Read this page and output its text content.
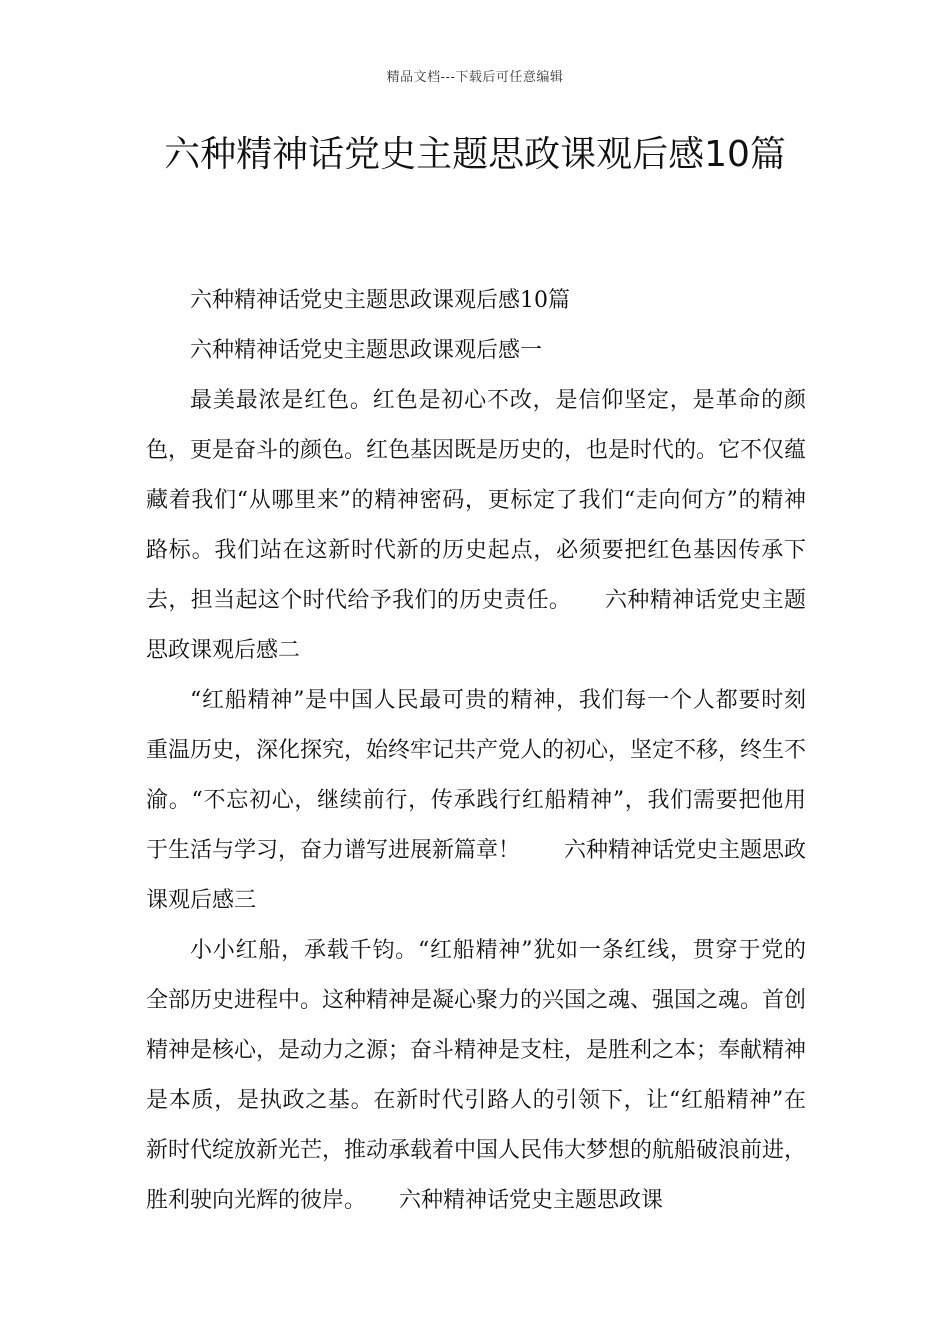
精品文档---下载后可任意编辑
六种精神话党史主题思政课观后感10篇

六种精神话党史主题思政课观后感10篇

六种精神话党史主题思政课观后感一

最美最浓是红色。红色是初心不改，是信仰坚定，是革命的颜色，更是奋斗的颜色。红色基因既是历史的，也是时代的。它不仅蕴藏着我们“从哪里来”的精神密码，更标定了我们“走向何方”的精神路标。我们站在这新时代新的历史起点，必须要把红色基因传承下去，担当起这个时代给予我们的历史责任。　　六种精神话党史主题思政课观后感二

“红船精神”是中国人民最可贵的精神，我们每一个人都要时刻重温历史，深化探究，始终牢记共产党人的初心，坚定不移，终生不渝。“不忘初心，继续前行，传承践行红船精神”，我们需要把他用于生活与学习，奋力谱写进展新篇章！　　六种精神话党史主题思政课观后感三

小小红船，承载千钧。“红船精神”犹如一条红线，贯穿于党的全部历史进程中。这种精神是凝心聚力的兴国之魂、强国之魂。首创精神是核心，是动力之源；奋斗精神是支柱，是胜利之本；奉献精神是本质，是执政之基。在新时代引路人的引领下，让“红船精神”在新时代绽放新光芒，推动承载着中国人民伟大梦想的航船破浪前进，胜利驶向光辉的彼岸。　　六种精神话党史主题思政课
